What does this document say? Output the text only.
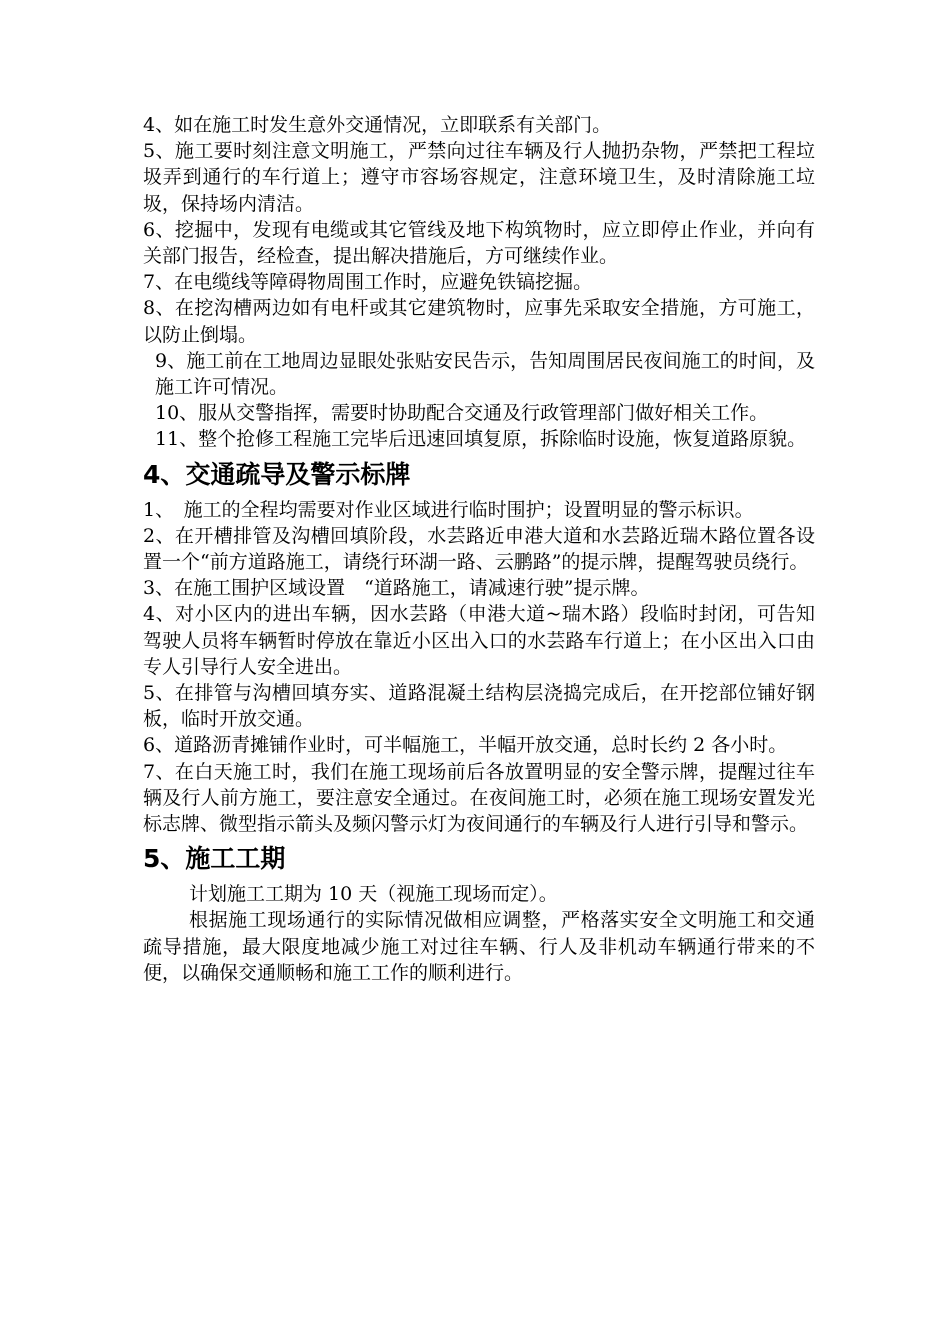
4、如在施工时发生意外交通情况，立即联系有关部门。

5、施工要时刻注意文明施工，严禁向过往车辆及行人抛扔杂物，严禁把工程垃圾弄到通行的车行道上；遵守市容场容规定，注意环境卫生，及时清除施工垃圾，保持场内清洁。

6、挖掘中，发现有电缆或其它管线及地下构筑物时，应立即停止作业，并向有关部门报告，经检查，提出解决措施后，方可继续作业。

7、在电缆线等障碍物周围工作时，应避免铁镐挖掘。

8、在挖沟槽两边如有电杆或其它建筑物时，应事先采取安全措施，方可施工，以防止倒塌。

9、施工前在工地周边显眼处张贴安民告示，告知周围居民夜间施工的时间，及施工许可情况。

10、服从交警指挥，需要时协助配合交通及行政管理部门做好相关工作。

11、整个抢修工程施工完毕后迅速回填复原，拆除临时设施，恢复道路原貌。

4、交通疏导及警示标牌

1、　施工的全程均需要对作业区域进行临时围护；设置明显的警示标识。

2、在开槽排管及沟槽回填阶段，水芸路近申港大道和水芸路近瑞木路位置各设置一个“前方道路施工，请绕行环湖一路、云鹏路”的提示牌，提醒驾驶员绕行。

3、在施工围护区域设置　“道路施工，请减速行驶”提示牌。

4、对小区内的进出车辆，因水芸路（申港大道~瑞木路）段临时封闭，可告知驾驶人员将车辆暂时停放在靠近小区出入口的水芸路车行道上；在小区出入口由专人引导行人安全进出。

5、在排管与沟槽回填夯实、道路混凝土结构层浇捣完成后，在开挖部位铺好钢板，临时开放交通。

6、道路沥青摊铺作业时，可半幅施工，半幅开放交通，总时长约 2 各小时。

7、在白天施工时，我们在施工现场前后各放置明显的安全警示牌，提醒过往车辆及行人前方施工，要注意安全通过。在夜间施工时，必须在施工现场安置发光标志牌、微型指示箭头及频闪警示灯为夜间通行的车辆及行人进行引导和警示。

5、施工工期

计划施工工期为 10 天（视施工现场而定）。

根据施工现场通行的实际情况做相应调整，严格落实安全文明施工和交通疏导措施，最大限度地减少施工对过往车辆、行人及非机动车辆通行带来的不便，以确保交通顺畅和施工工作的顺利进行。
